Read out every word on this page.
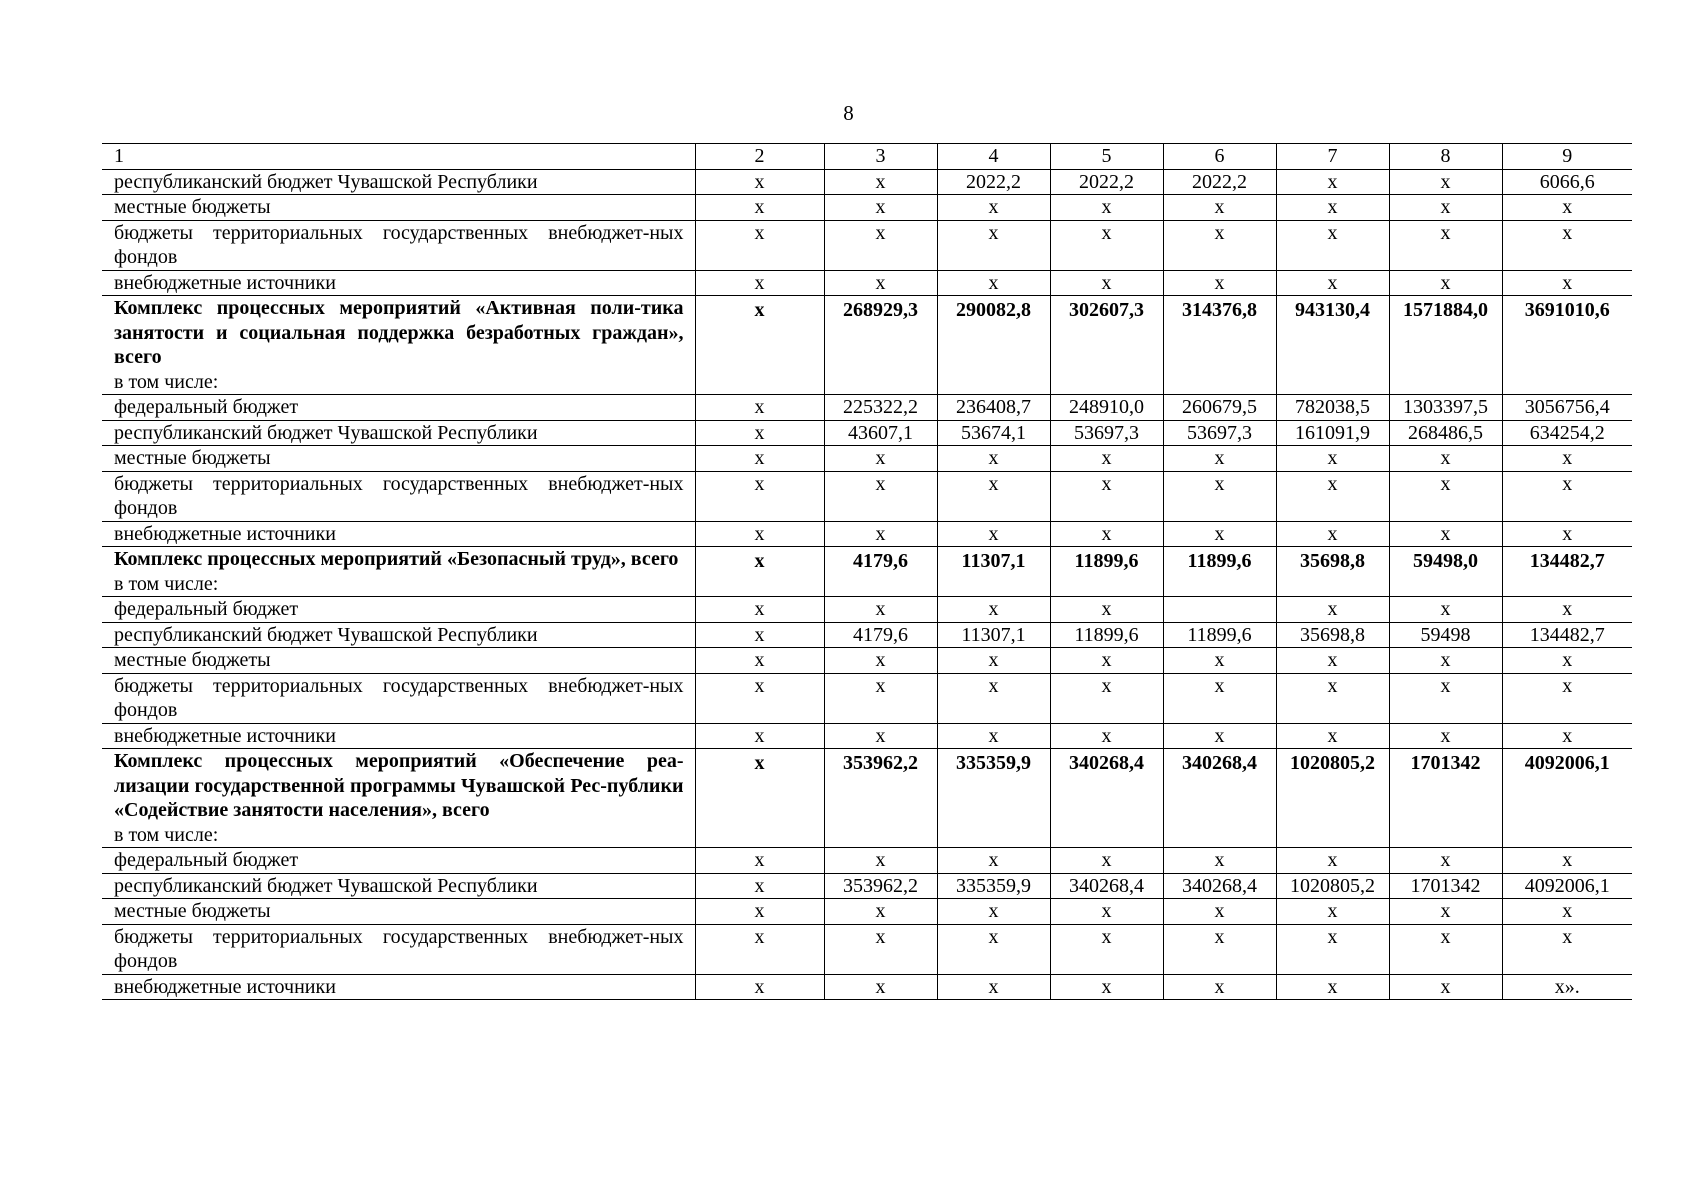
8
1	2	3	4	5	6	7	8	9
республиканский бюджет Чувашской Республики	х	х	2022,2	2022,2	2022,2	х	х	6066,6
местные бюджеты	х	х	х	х	х	х	х	х
бюджеты территориальных государственных внебюджет-ных фондов	х	х	х	х	х	х	х	х
внебюджетные источники	х	х	х	х	х	х	х	х

Комплекс процессных мероприятий «Активная поли-тика занятости и социальная поддержка безработных граждан», всего
в том числе:	х	268929,3	290082,8	302607,3	314376,8	943130,4	1571884,0	3691010,6
федеральный бюджет	х	225322,2	236408,7	248910,0	260679,5	782038,5	1303397,5	3056756,4
республиканский бюджет Чувашской Республики	х	43607,1	53674,1	53697,3	53697,3	161091,9	268486,5	634254,2
местные бюджеты	х	х	х	х	х	х	х	х
бюджеты территориальных государственных внебюджет-ных фондов	х	х	х	х	х	х	х	х
внебюджетные источники	х	х	х	х	х	х	х	х

Комплекс процессных мероприятий «Безопасный труд», всего
в том числе:	х	4179,6	11307,1	11899,6	11899,6	35698,8	59498,0	134482,7
федеральный бюджет	х	х	х	х		х	х	х
республиканский бюджет Чувашской Республики	х	4179,6	11307,1	11899,6	11899,6	35698,8	59498	134482,7
местные бюджеты	х	х	х	х	х	х	х	х
бюджеты территориальных государственных внебюджет-ных фондов	х	х	х	х	х	х	х	х
внебюджетные источники	х	х	х	х	х	х	х	х

Комплекс процессных мероприятий «Обеспечение реа-лизации государственной программы Чувашской Рес-публики «Содействие занятости населения», всего
в том числе:	х	353962,2	335359,9	340268,4	340268,4	1020805,2	1701342	4092006,1
федеральный бюджет	х	х	х	х	х	х	х	х
республиканский бюджет Чувашской Республики	х	353962,2	335359,9	340268,4	340268,4	1020805,2	1701342	4092006,1
местные бюджеты	х	х	х	х	х	х	х	х
бюджеты территориальных государственных внебюджет-ных фондов	х	х	х	х	х	х	х	х
внебюджетные источники	х	х	х	х	х	х	х	х».
